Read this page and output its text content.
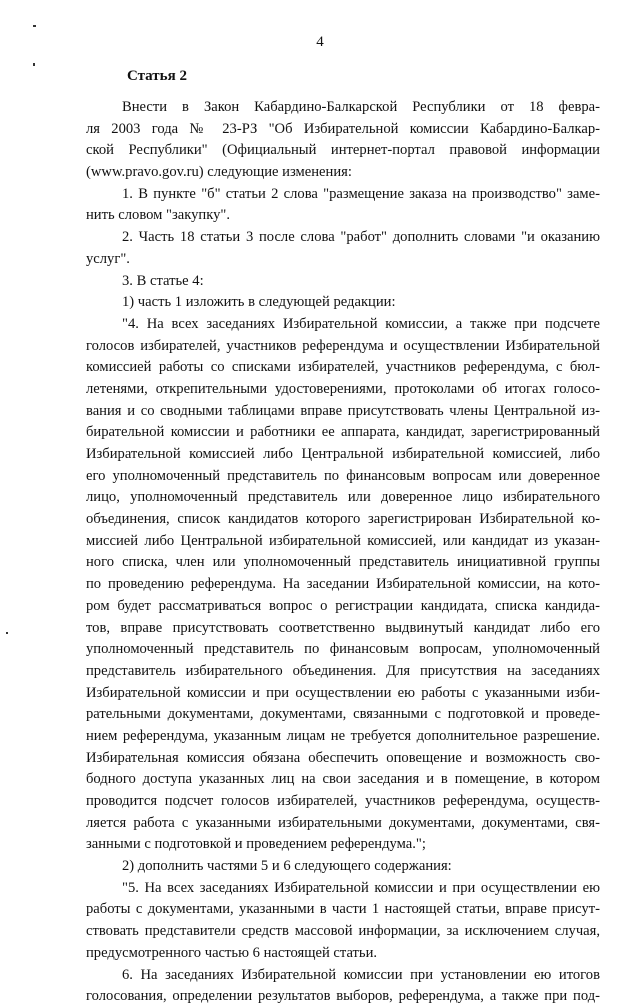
4
Статья 2
Внести в Закон Кабардино-Балкарской Республики от 18 февра-
ля 2003 года № 23-РЗ "Об Избирательной комиссии Кабардино-Балкар-
ской Республики" (Официальный интернет-портал правовой информации
(www.pravo.gov.ru) следующие изменения:
1. В пункте "б" статьи 2 слова "размещение заказа на производство" заме-
нить словом "закупку".
2. Часть 18 статьи 3 после слова "работ" дополнить словами "и оказанию
услуг".
3. В статье 4:
1) часть 1 изложить в следующей редакции:
"4. На всех заседаниях Избирательной комиссии, а также при подсчете
голосов избирателей, участников референдума и осуществлении Избирательной
комиссией работы со списками избирателей, участников референдума, с бюл-
летенями, открепительными удостоверениями, протоколами об итогах голосо-
вания и со сводными таблицами вправе присутствовать члены Центральной из-
бирательной комиссии и работники ее аппарата, кандидат, зарегистрированный
Избирательной комиссией либо Центральной избирательной комиссией, либо
его уполномоченный представитель по финансовым вопросам или доверенное
лицо, уполномоченный представитель или доверенное лицо избирательного
объединения, список кандидатов которого зарегистрирован Избирательной ко-
миссией либо Центральной избирательной комиссией, или кандидат из указан-
ного списка, член или уполномоченный представитель инициативной группы
по проведению референдума. На заседании Избирательной комиссии, на кото-
ром будет рассматриваться вопрос о регистрации кандидата, списка кандида-
тов, вправе присутствовать соответственно выдвинутый кандидат либо его
уполномоченный представитель по финансовым вопросам, уполномоченный
представитель избирательного объединения. Для присутствия на заседаниях
Избирательной комиссии и при осуществлении ею работы с указанными изби-
рательными документами, документами, связанными с подготовкой и проведе-
нием референдума, указанным лицам не требуется дополнительное разрешение.
Избирательная комиссия обязана обеспечить оповещение и возможность сво-
бодного доступа указанных лиц на свои заседания и в помещение, в котором
проводится подсчет голосов избирателей, участников референдума, осуществ-
ляется работа с указанными избирательными документами, документами, свя-
занными с подготовкой и проведением референдума.";
2) дополнить частями 5 и 6 следующего содержания:
"5. На всех заседаниях Избирательной комиссии и при осуществлении ею
работы с документами, указанными в части 1 настоящей статьи, вправе присут-
ствовать представители средств массовой информации, за исключением случая,
предусмотренного частью 6 настоящей статьи.
6. На заседаниях Избирательной комиссии при установлении ею итогов
голосования, определении результатов выборов, референдума, а также при под-
